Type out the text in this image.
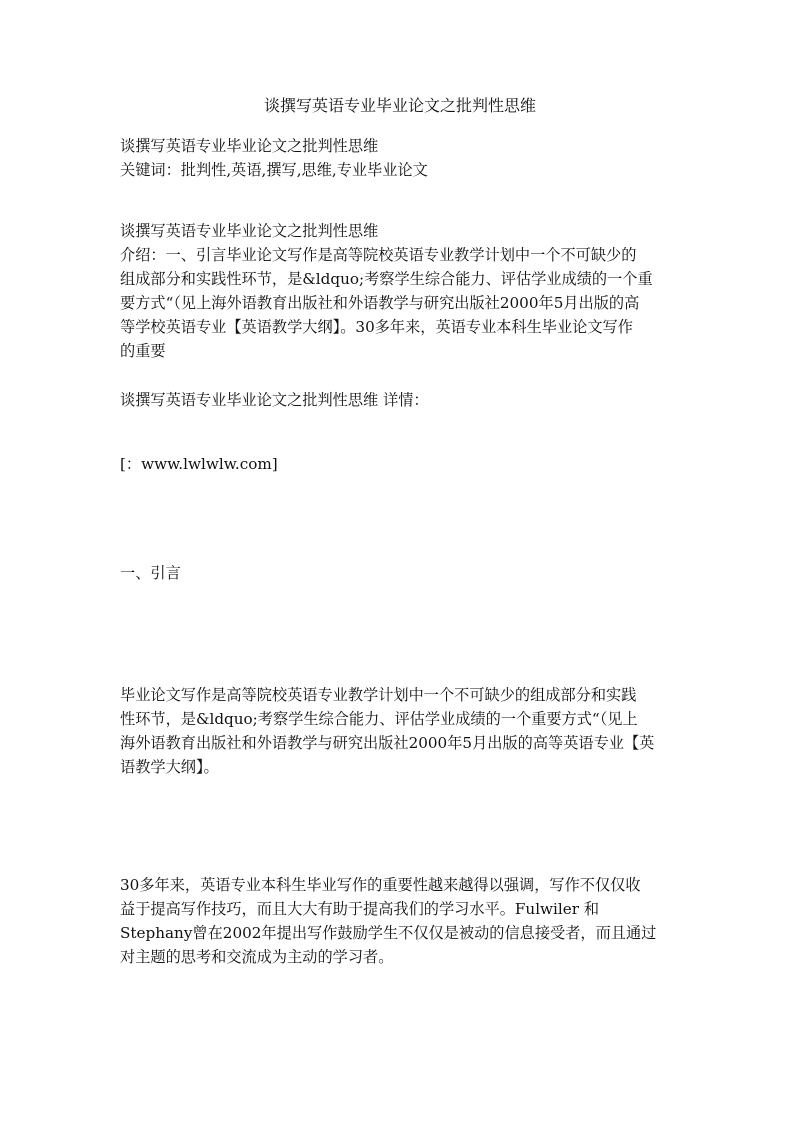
谈撰写英语专业毕业论文之批判性思维
谈撰写英语专业毕业论文之批判性思维
关键词：批判性,英语,撰写,思维,专业毕业论文
谈撰写英语专业毕业论文之批判性思维
介绍：一、引言毕业论文写作是高等院校英语专业教学计划中一个不可缺少的
组成部分和实践性环节，是&ldquo;考察学生综合能力、评估学业成绩的一个重
要方式“（见上海外语教育出版社和外语教学与研究出版社2000年5月出版的高
等学校英语专业【英语教学大纲】。30多年来，英语专业本科生毕业论文写作
的重要
谈撰写英语专业毕业论文之批判性思维 详情：
[：www.lwlwlw.com]
一、引言
毕业论文写作是高等院校英语专业教学计划中一个不可缺少的组成部分和实践
性环节，是&ldquo;考察学生综合能力、评估学业成绩的一个重要方式“（见上
海外语教育出版社和外语教学与研究出版社2000年5月出版的高等英语专业【英
语教学大纲】。
30多年来，英语专业本科生毕业写作的重要性越来越得以强调，写作不仅仅收
益于提高写作技巧，而且大大有助于提高我们的学习水平。Fulwiler 和
Stephany曾在2002年提出写作鼓励学生不仅仅是被动的信息接受者，而且通过
对主题的思考和交流成为主动的学习者。
